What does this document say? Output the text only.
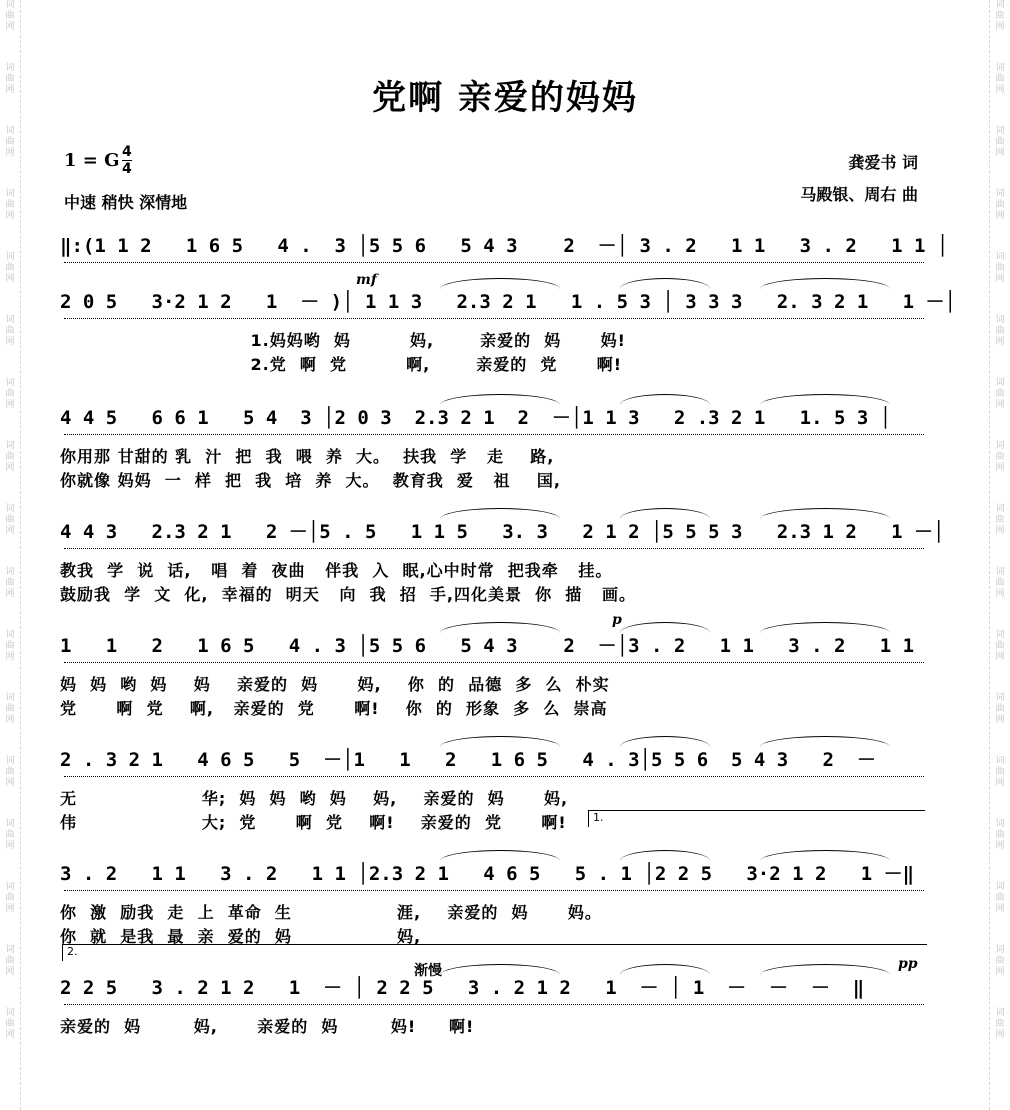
词
曲
网
词
曲
网
词
曲
网
词
曲
网
词
曲
网
词
曲
网
词
曲
网
词
曲
网
词
曲
网
词
曲
网
词
曲
网
词
曲
网
词
曲
网
词
曲
网
词
曲
网
词
曲
网
词
曲
网
词
曲
网
词
曲
网
词
曲
网
词
曲
网
词
曲
网
词
曲
网
词
曲
网
词
曲
网
词
曲
网
词
曲
网
词
曲
网
词
曲
网
词
曲
网
词
曲
网
词
曲
网
词
曲
网
词
曲
网
党啊 亲爱的妈妈
1 = G $\frac{4}{4}$
中速 稍快 深情地
龚爱书 词
马殿银、周右 曲
‖:(1 1 2   1 6 5   4 .  3 │5 5 6   5 4 3    2  －│ 3 . 2   1 1   3 . 2   1 1 │
2 0 5   3·2 1 2   1  － )│ 1 1 3   2.3 2 1   1 . 5 3 │ 3 3 3   2. 3 2 1   1 －│
1.妈妈哟  妈         妈,       亲爱的  妈      妈!
2.党  啊  党         啊,       亲爱的  党      啊!
mf
4 4 5   6 6 1   5 4  3 │2 0 3  2.3 2 1  2  －│1 1 3   2 .3 2 1   1. 5 3 │
你用那 甘甜的 乳  汁  把  我  喂  养  大。  扶我  学   走    路,
你就像 妈妈  一  样  把  我  培  养  大。  教育我  爱   祖    国,
4 4 3   2.3 2 1   2 －│5 . 5   1 1 5   3. 3   2 1 2 │5 5 5 3   2.3 1 2   1 －│
教我  学  说  话,   唱  着  夜曲   伴我  入  眠,心中时常  把我牵   挂。
鼓励我  学  文  化,  幸福的  明天   向  我  招  手,四化美景  你  描   画。
1   1   2   1 6 5   4 . 3 │5 5 6   5 4 3    2  －│3 . 2   1 1   3 . 2   1 1
妈  妈  哟  妈    妈    亲爱的  妈      妈,    你  的  品德  多  么  朴实
党      啊  党    啊,   亲爱的  党      啊!    你  的  形象  多  么  崇高
p
2 . 3 2 1   4 6 5   5  －│1   1   2   1 6 5   4 . 3│5 5 6  5 4 3   2  －
无                   华;  妈  妈  哟  妈    妈,    亲爱的  妈      妈,
伟                   大;  党      啊  党    啊!    亲爱的  党      啊!
3 . 2   1 1   3 . 2   1 1 │2.3 2 1   4 6 5   5 . 1 │2 2 5   3·2 1 2   1 －‖
你  激  励我  走  上  革命  生                涯,    亲爱的  妈      妈。
你  就  是我  最  亲  爱的  妈                妈,
2 2 5   3 . 2 1 2   1  － │ 2 2 5   3 . 2 1 2   1  － │ 1  －  －  －  ‖
亲爱的  妈        妈,      亲爱的  妈        妈!     啊!
渐慢	pp
1.
2.
